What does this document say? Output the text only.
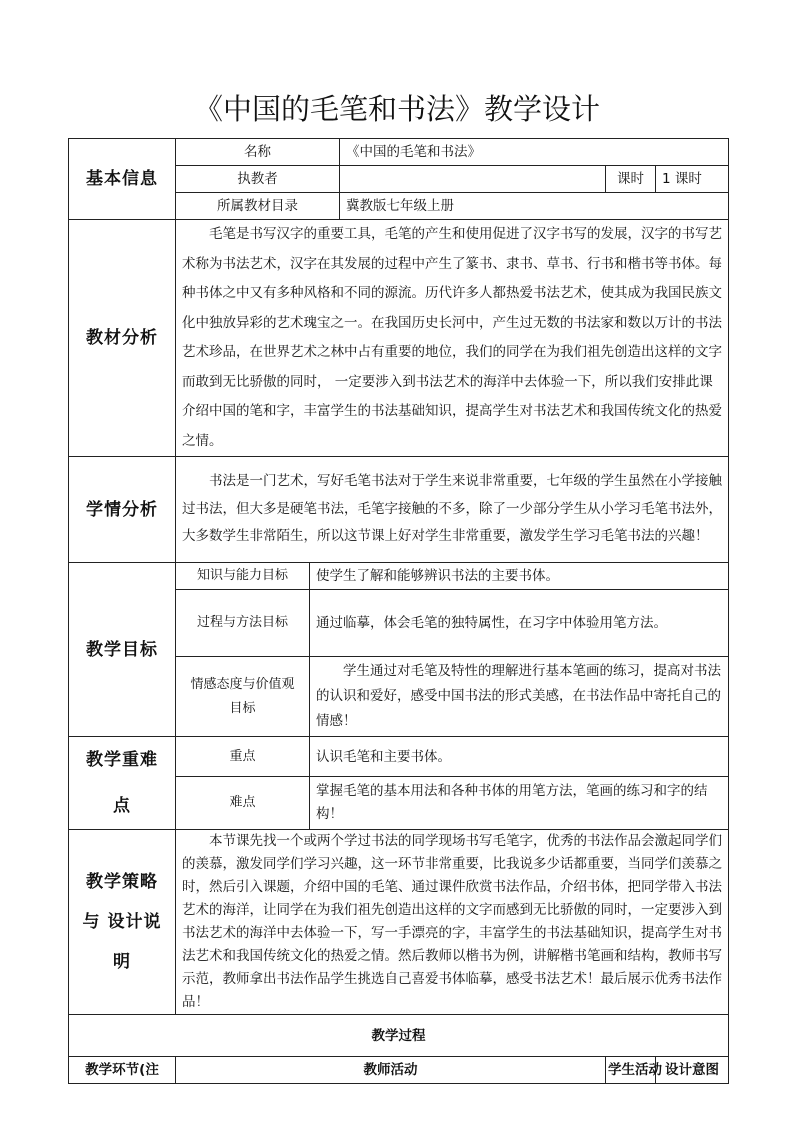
《中国的毛笔和书法》教学设计
基本信息	名称		《中国的毛笔和书法》		
	执教者			课时	1 课时
	所属教材目录		冀教版七年级上册		
教材分析	毛笔是书写汉字的重要工具，毛笔的产生和使用促进了汉字书写的发展，汉字的书写艺术称为书法艺术，汉字在其发展的过程中产生了篆书、隶书、草书、行书和楷书等书体。每种书体之中又有多种风格和不同的源流。历代许多人都热爱书法艺术，使其成为我国民族文化中独放异彩的艺术瑰宝之一。在我国历史长河中，产生过无数的书法家和数以万计的书法艺术珍品，在世界艺术之林中占有重要的地位，我们的同学在为我们祖先创造出这样的文字而敢到无比骄傲的同时， 一定要涉入到书法艺术的海洋中去体验一下，所以我们安排此课介绍中国的笔和字，丰富学生的书法基础知识，提高学生对书法艺术和我国传统文化的热爱之情。				
学情分析	书法是一门艺术，写好毛笔书法对于学生来说非常重要，七年级的学生虽然在小学接触过书法，但大多是硬笔书法，毛笔字接触的不多，除了一少部分学生从小学习毛笔书法外，大多数学生非常陌生，所以这节课上好对学生非常重要，激发学生学习毛笔书法的兴趣！				
教学目标	知识与能力目标	使学生了解和能够辨识书法的主要书体。			
	过程与方法目标	通过临摹，体会毛笔的独特属性，在习字中体验用笔方法。			
	情感态度与价值观目标	学生通过对毛笔及特性的理解进行基本笔画的练习，提高对书法的认识和爱好，感受中国书法的形式美感，在书法作品中寄托自己的情感！			
教学重难点	重点	认识毛笔和主要书体。			
	难点	掌握毛笔的基本用法和各种书体的用笔方法，笔画的练习和字的结构！			
教学策略与 设计说明	本节课先找一个或两个学过书法的同学现场书写毛笔字，优秀的书法作品会激起同学们的羡慕，激发同学们学习兴趣，这一环节非常重要，比我说多少话都重要，当同学们羡慕之时，然后引入课题，介绍中国的毛笔、通过课件欣赏书法作品，介绍书体，把同学带入书法艺术的海洋，让同学在为我们祖先创造出这样的文字而感到无比骄傲的同时，一定要涉入到书法艺术的海洋中去体验一下，写一手漂亮的字，丰富学生的书法基础知识，提高学生对书法艺术和我国传统文化的热爱之情。然后教师以楷书为例，讲解楷书笔画和结构，教师书写示范，教师拿出书法作品学生挑选自己喜爱书体临摹，感受书法艺术！最后展示优秀书法作品！				
教学过程					
教学环节(注	教师活动			学生活动	设计意图
